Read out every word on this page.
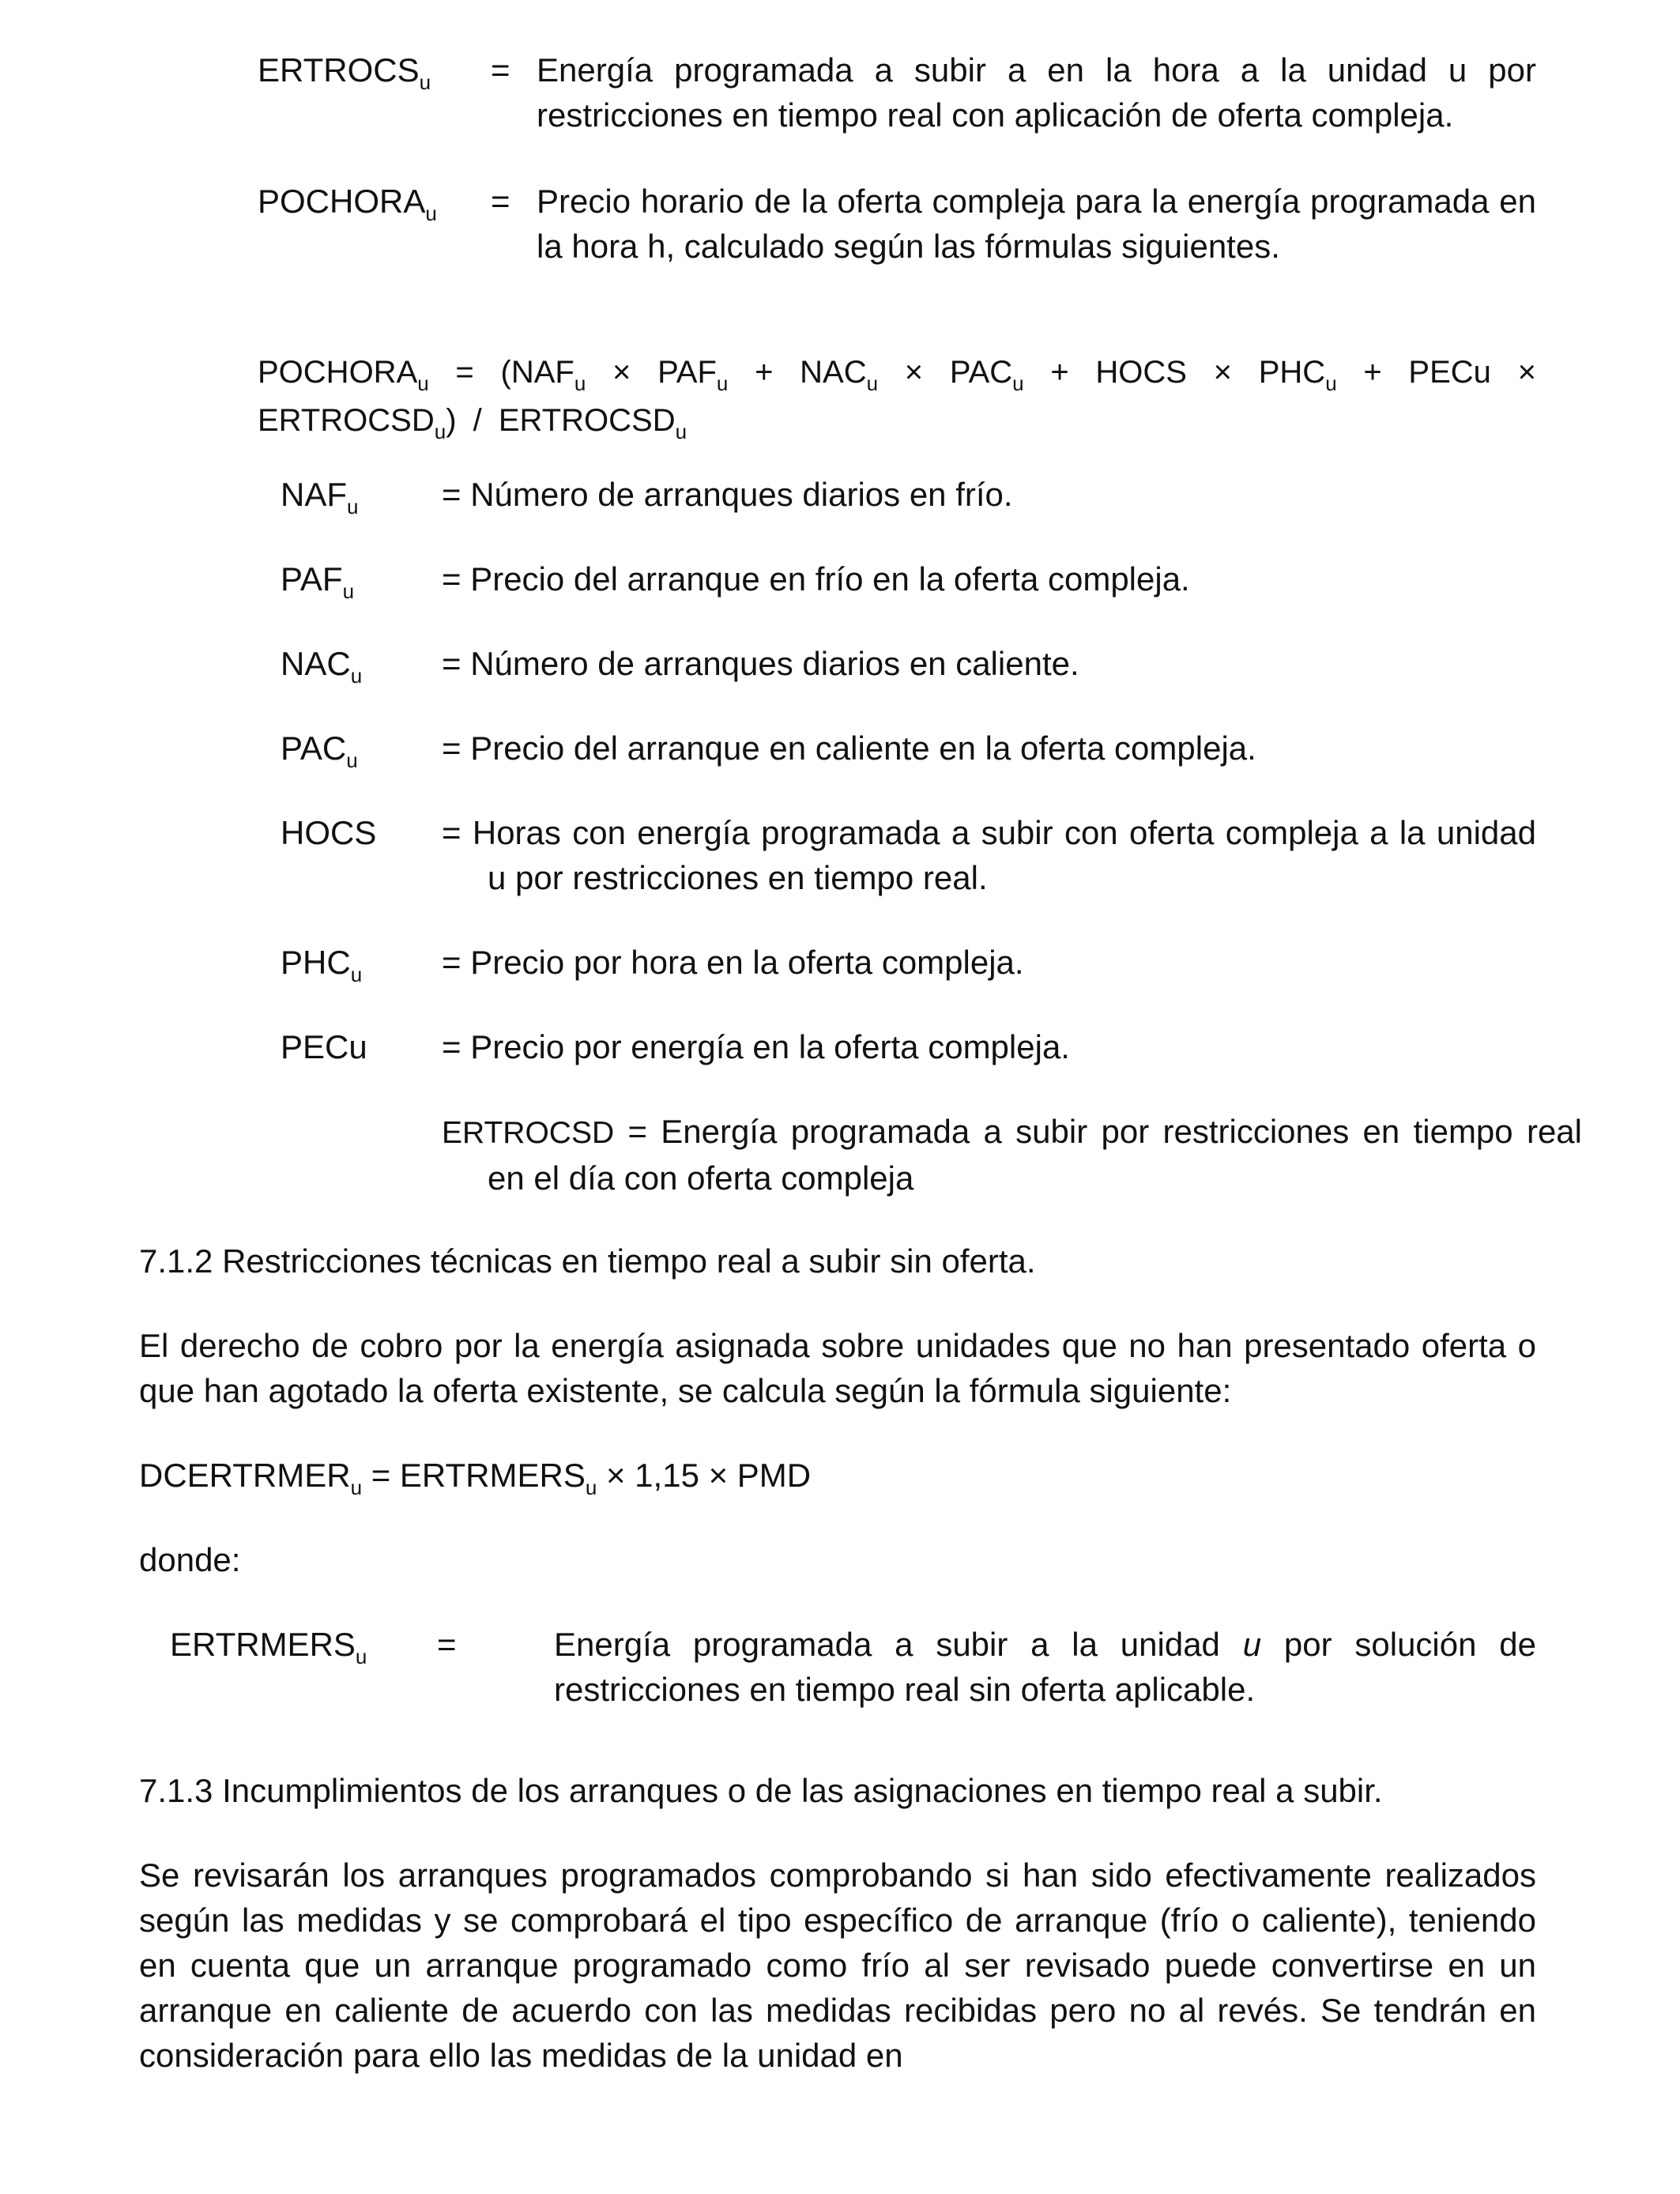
$ERTROCS_u$	= Energía programada a subir a en la hora a la unidad u por restricciones en tiempo real con aplicación de oferta compleja.
$POCHORA_u$	= Precio horario de la oferta compleja para la energía programada en la hora h, calculado según las fórmulas siguientes.
$POCHORA_u = (NAF_u \times PAF_u + NAC_u \times PAC_u$ + HOCS × $PHC_u$ + PECu × $ERTROCSD_u$) / $ERTROCSD_u$
$NAF_u$	= Número de arranques diarios en frío.
$PAF_u$	= Precio del arranque en frío en la oferta compleja.
$NAC_u$	= Número de arranques diarios en caliente.
$PAC_u$	= Precio del arranque en caliente en la oferta compleja.
HOCS	= Horas con energía programada a subir con oferta compleja a la unidad u por restricciones en tiempo real.
$PHC_u$	= Precio por hora en la oferta compleja.
PECu	= Precio por energía en la oferta compleja.
ERTROCSD = Energía programada a subir por restricciones en tiempo real en el día con oferta compleja
7.1.2 Restricciones técnicas en tiempo real a subir sin oferta.
El derecho de cobro por la energía asignada sobre unidades que no han presentado oferta o que han agotado la oferta existente, se calcula según la fórmula siguiente:
$DCERTRMER_u$ = $ERTRMERS_u \times 1,15$ × PMD
donde:
$ERTRMERS_u$	=	Energía programada a subir a la unidad u por solución de restricciones en tiempo real sin oferta aplicable.
7.1.3 Incumplimientos de los arranques o de las asignaciones en tiempo real a subir.
Se revisarán los arranques programados comprobando si han sido efectivamente realizados según las medidas y se comprobará el tipo específico de arranque (frío o caliente), teniendo en cuenta que un arranque programado como frío al ser revisado puede convertirse en un arranque en caliente de acuerdo con las medidas recibidas pero no al revés. Se tendrán en consideración para ello las medidas de la unidad en
